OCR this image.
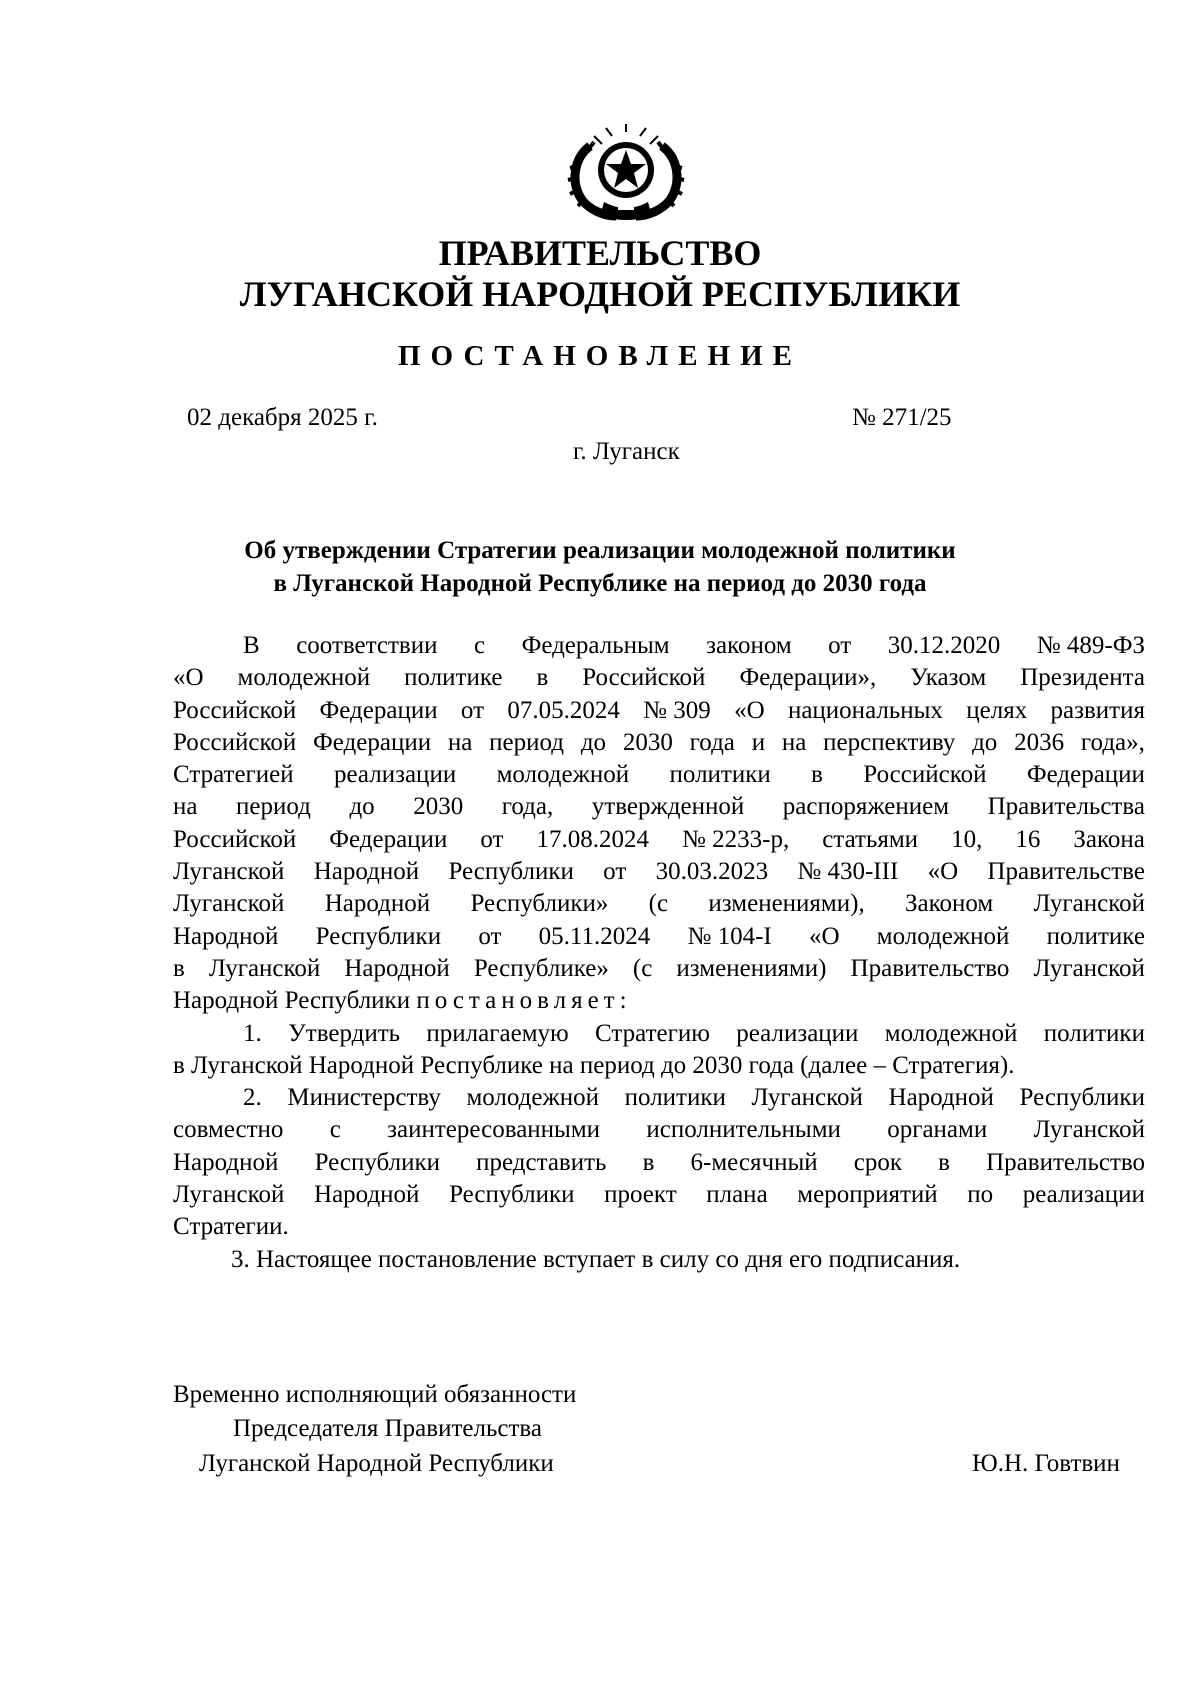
ПРАВИТЕЛЬСТВО
ЛУГАНСКОЙ НАРОДНОЙ РЕСПУБЛИКИ
ПОСТАНОВЛЕНИЕ
02 декабря 2025 г.	№ 271/25
г. Луганск
Об утверждении Стратегии реализации молодежной политики
в Луганской Народной Республике на период до 2030 года
В соответствии с Федеральным законом от 30.12.2020 № 489-ФЗ
«О молодежной политике в Российской Федерации», Указом Президента
Российской Федерации от 07.05.2024 № 309 «О национальных целях развития
Российской Федерации на период до 2030 года и на перспективу до 2036 года»,
Стратегией реализации молодежной политики в Российской Федерации
на период до 2030 года, утвержденной распоряжением Правительства
Российской Федерации от 17.08.2024 № 2233-р, статьями 10, 16 Закона
Луганской Народной Республики от 30.03.2023 № 430-III «О Правительстве
Луганской Народной Республики» (с изменениями), Законом Луганской
Народной Республики от 05.11.2024 № 104-I «О молодежной политике
в Луганской Народной Республике» (с изменениями) Правительство Луганской
Народной Республики постановляет:
1. Утвердить прилагаемую Стратегию реализации молодежной политики
в Луганской Народной Республике на период до 2030 года (далее – Стратегия).
2. Министерству молодежной политики Луганской Народной Республики
совместно с заинтересованными исполнительными органами Луганской
Народной Республики представить в 6-месячный срок в Правительство
Луганской Народной Республики проект плана мероприятий по реализации
Стратегии.
3. Настоящее постановление вступает в силу со дня его подписания.
Временно исполняющий обязанности
Председателя Правительства
Луганской Народной Республики	Ю.Н. Говтвин
